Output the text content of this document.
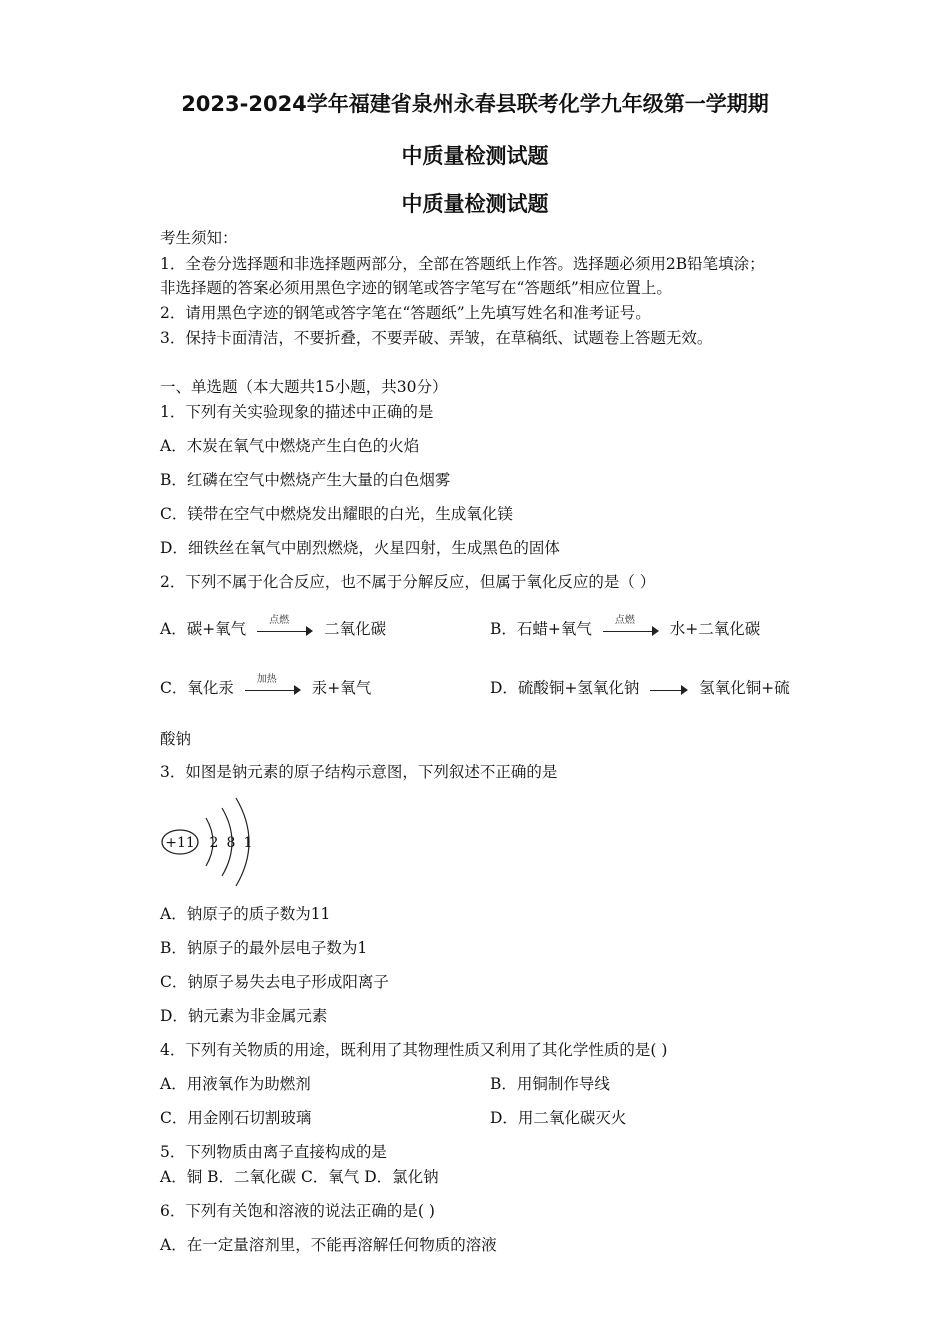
2023-2024学年福建省泉州永春县联考化学九年级第一学期期
中质量检测试题
中质量检测试题
考生须知：
1．全卷分选择题和非选择题两部分，全部在答题纸上作答。选择题必须用2B铅笔填涂；
非选择题的答案必须用黑色字迹的钢笔或答字笔写在“答题纸”相应位置上。
2．请用黑色字迹的钢笔或答字笔在“答题纸”上先填写姓名和准考证号。
3．保持卡面清洁，不要折叠，不要弄破、弄皱，在草稿纸、试题卷上答题无效。
一、单选题（本大题共15小题，共30分）
1．下列有关实验现象的描述中正确的是
A．木炭在氧气中燃烧产生白色的火焰
B．红磷在空气中燃烧产生大量的白色烟雾
C．镁带在空气中燃烧发出耀眼的白光，生成氧化镁
D．细铁丝在氧气中剧烈燃烧，火星四射，生成黑色的固体
2．下列不属于化合反应，也不属于分解反应，但属于氧化反应的是（ ）
A．碳+氧气 点燃 二氧化碳	B．石蜡+氧气 点燃 水+二氧化碳
C．氧化汞 加热 汞+氧气	D．硫酸铜+氢氧化钠	氢氧化铜+硫
酸钠
3．如图是钠元素的原子结构示意图，下列叙述不正确的是
+11 2 8 1
A．钠原子的质子数为11
B．钠原子的最外层电子数为1
C．钠原子易失去电子形成阳离子
D．钠元素为非金属元素
4．下列有关物质的用途，既利用了其物理性质又利用了其化学性质的是( )
A．用液氧作为助燃剂	B．用铜制作导线
C．用金刚石切割玻璃	D．用二氧化碳灭火
5．下列物质由离子直接构成的是
A．铜 B．二氧化碳 C．氧气 D．氯化钠
6．下列有关饱和溶液的说法正确的是( )
A．在一定量溶剂里，不能再溶解任何物质的溶液
